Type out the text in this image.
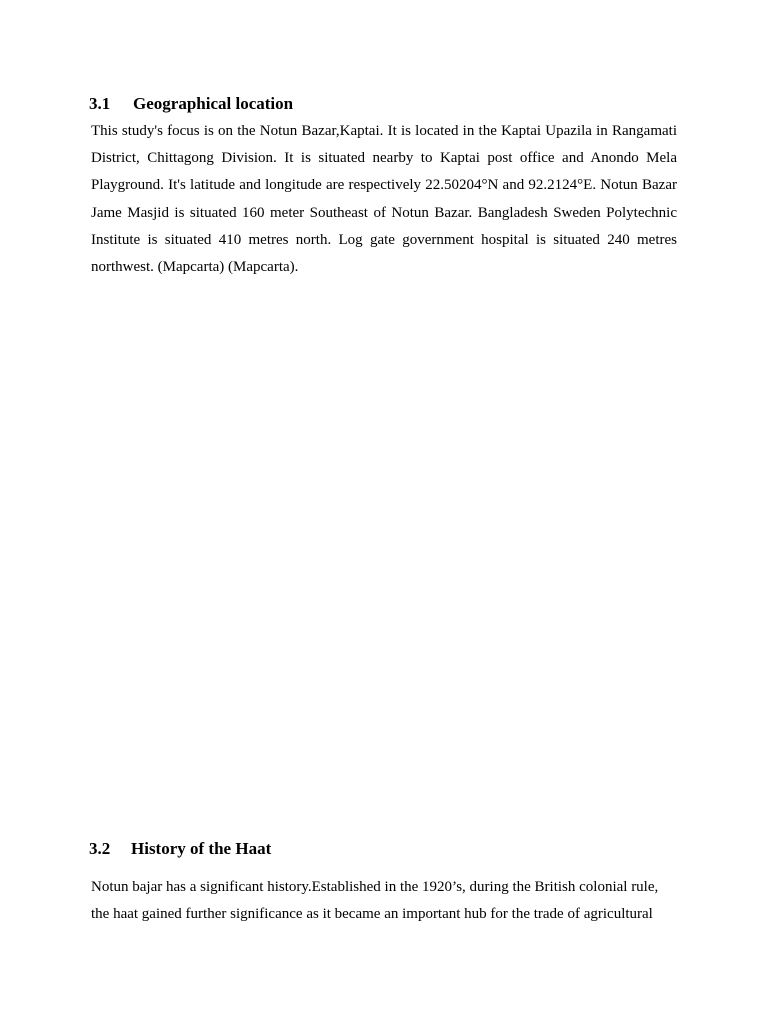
3.1 Geographical location

This study's focus is on the Notun Bazar,Kaptai. It is located in the Kaptai Upazila in Rangamati District, Chittagong Division. It is situated nearby to Kaptai post office and Anondo Mela Playground. It's latitude and longitude are respectively 22.50204°N and 92.2124°E. Notun Bazar Jame Masjid is situated 160 meter Southeast of Notun Bazar. Bangladesh Sweden Polytechnic Institute is situated 410 metres north. Log gate government hospital is situated 240 metres northwest. (Mapcarta) (Mapcarta).

3.2 History of the Haat

Notun bajar has a significant history.Established in the 1920’s, during the British colonial rule,
the haat gained further significance as it became an important hub for the trade of agricultural
